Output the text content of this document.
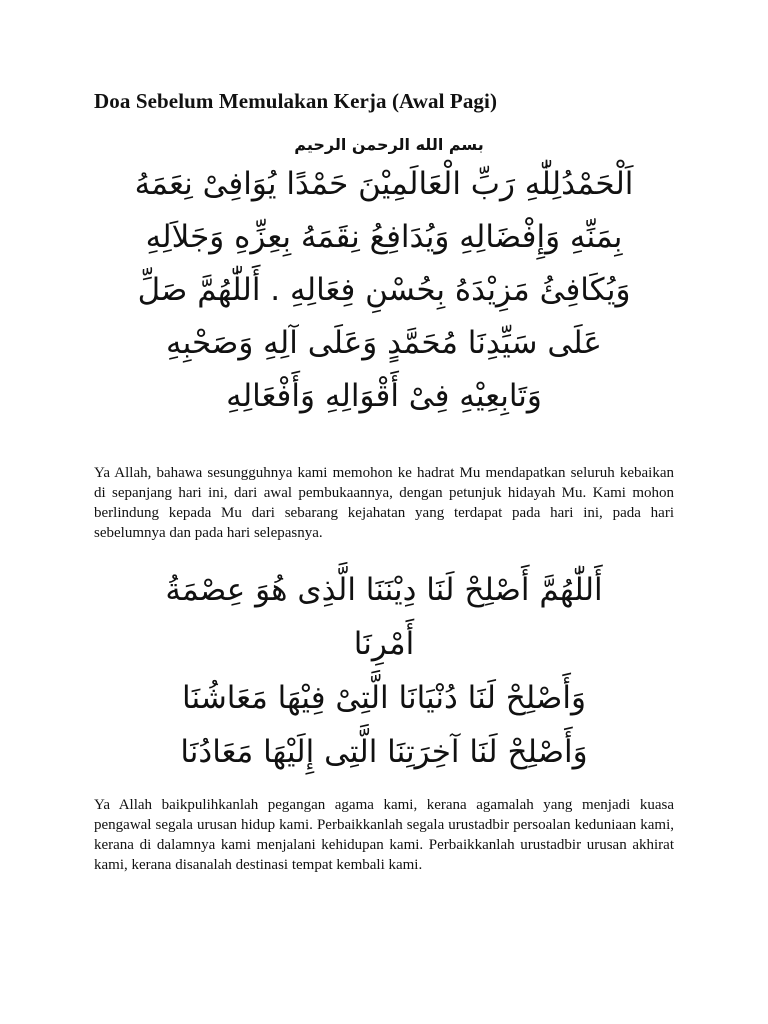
Doa Sebelum Memulakan Kerja (Awal Pagi)
بسم الله الرحمن الرحيم
اَلْحَمْدُلِلّٰهِ رَبِّ الْعَالَمِيْنَ حَمْدًا يُوَافِىْ نِعَمَهُ
بِمَنِّهِ وَإِفْضَالِهِ وَيُدَافِعُ نِقَمَهُ بِعِزِّهِ وَجَلاَلِهِ
وَيُكَافِئُ مَزِيْدَهُ بِحُسْنِ فِعَالِهِ . أَللّٰهُمَّ صَلِّ
عَلَى سَيِّدِنَا مُحَمَّدٍ وَعَلَى آلِهِ وَصَحْبِهِ
وَتَابِعِيْهِ فِىْ أَقْوَالِهِ وَأَفْعَالِهِ

Ya Allah, bahawa sesungguhnya kami memohon ke hadrat Mu mendapatkan seluruh kebaikan di sepanjang hari ini, dari awal pembukaannya, dengan petunjuk hidayah Mu. Kami mohon berlindung kepada Mu dari sebarang kejahatan yang terdapat pada hari ini, pada hari sebelumnya dan pada hari selepasnya.

أَللّٰهُمَّ أَصْلِحْ لَنَا دِيْنَنَا الَّذِى هُوَ عِصْمَةُ
أَمْرِنَا
وَأَصْلِحْ لَنَا دُنْيَانَا الَّتِىْ فِيْهَا مَعَاشُنَا
وَأَصْلِحْ لَنَا آخِرَتِنَا الَّتِى إِلَيْهَا مَعَادُنَا

Ya Allah baikpulihkanlah pegangan agama kami, kerana agamalah yang menjadi kuasa pengawal segala urusan hidup kami. Perbaikkanlah segala urustadbir persoalan keduniaan kami, kerana di dalamnya kami menjalani kehidupan kami. Perbaikkanlah urustadbir urusan akhirat kami, kerana disanalah destinasi tempat kembali kami.
